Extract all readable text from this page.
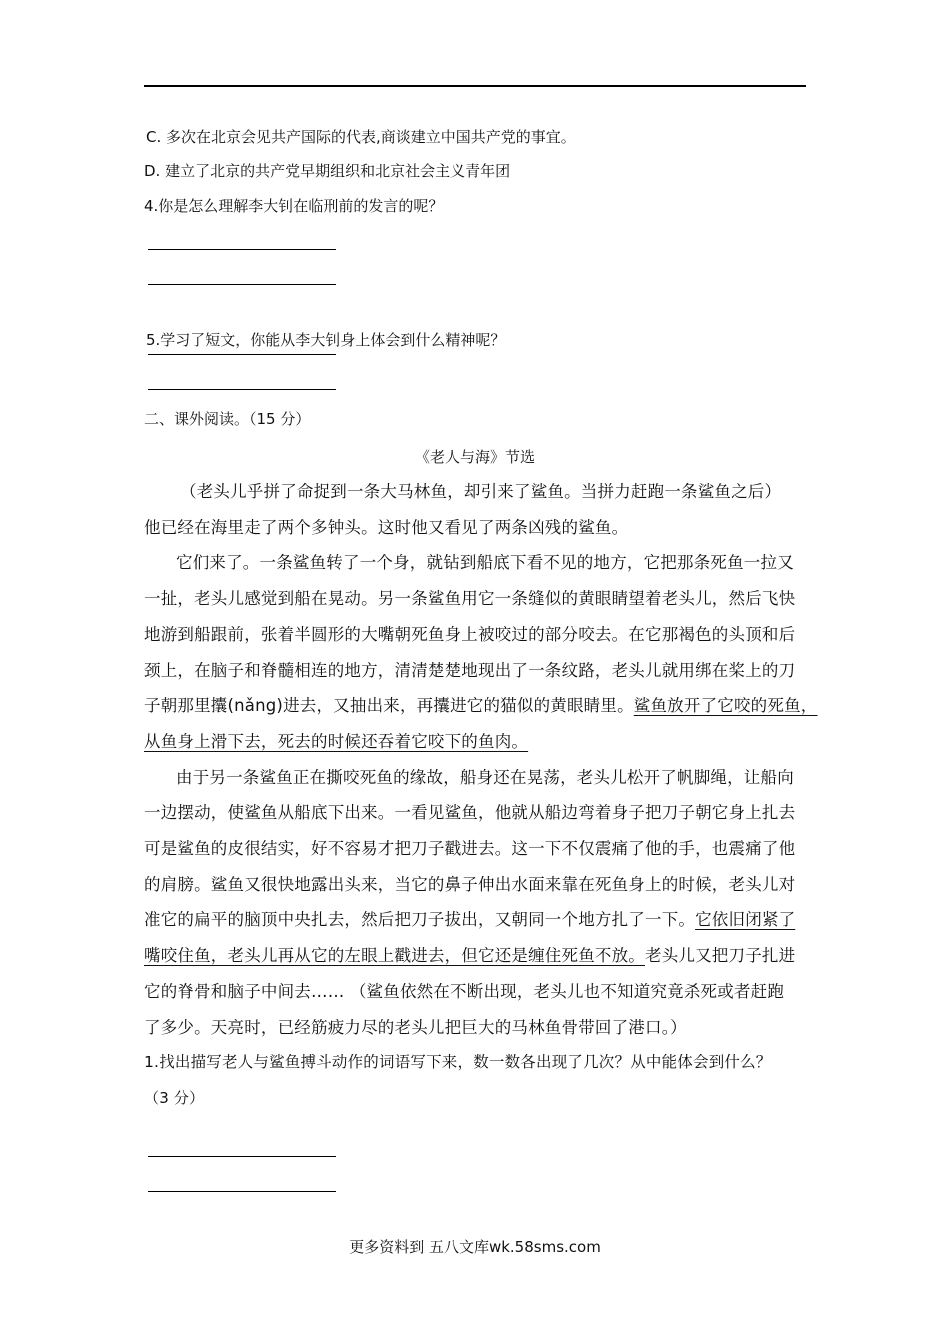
C. 多次在北京会见共产国际的代表,商谈建立中国共产党的事宜。
D. 建立了北京的共产党早期组织和北京社会主义青年团
4.你是怎么理解李大钊在临刑前的发言的呢？
5.学习了短文，你能从李大钊身上体会到什么精神呢？
二、课外阅读。（15 分）
《老人与海》节选

（老头儿乎拼了命捉到一条大马林鱼，却引来了鲨鱼。当拼力赶跑一条鲨鱼之后）

他已经在海里走了两个多钟头。这时他又看见了两条凶残的鲨鱼。

它们来了。一条鲨鱼转了一个身，就钻到船底下看不见的地方，它把那条死鱼一拉又

一扯，老头儿感觉到船在晃动。另一条鲨鱼用它一条缝似的黄眼睛望着老头儿，然后飞快

地游到船跟前，张着半圆形的大嘴朝死鱼身上被咬过的部分咬去。在它那褐色的头顶和后

颈上，在脑子和脊髓相连的地方，清清楚楚地现出了一条纹路，老头儿就用绑在桨上的刀

子朝那里攮(nǎng)进去，又抽出来，再攮进它的猫似的黄眼睛里。鲨鱼放开了它咬的死鱼，

从鱼身上滑下去，死去的时候还吞着它咬下的鱼肉。

由于另一条鲨鱼正在撕咬死鱼的缘故，船身还在晃荡，老头儿松开了帆脚绳，让船向

一边摆动，使鲨鱼从船底下出来。一看见鲨鱼，他就从船边弯着身子把刀子朝它身上扎去

可是鲨鱼的皮很结实，好不容易才把刀子戳进去。这一下不仅震痛了他的手，也震痛了他

的肩膀。鲨鱼又很快地露出头来，当它的鼻子伸出水面来靠在死鱼身上的时候，老头儿对

准它的扁平的脑顶中央扎去，然后把刀子拔出，又朝同一个地方扎了一下。它依旧闭紧了

嘴咬住鱼，老头儿再从它的左眼上戳进去，但它还是缠住死鱼不放。老头儿又把刀子扎进

它的脊骨和脑子中间去…… （鲨鱼依然在不断出现，老头儿也不知道究竟杀死或者赶跑

了多少。天亮时，已经筋疲力尽的老头儿把巨大的马林鱼骨带回了港口。）

1.找出描写老人与鲨鱼搏斗动作的词语写下来，数一数各出现了几次？从中能体会到什么？

（3 分）

更多资料到 五八文库wk.58sms.com
